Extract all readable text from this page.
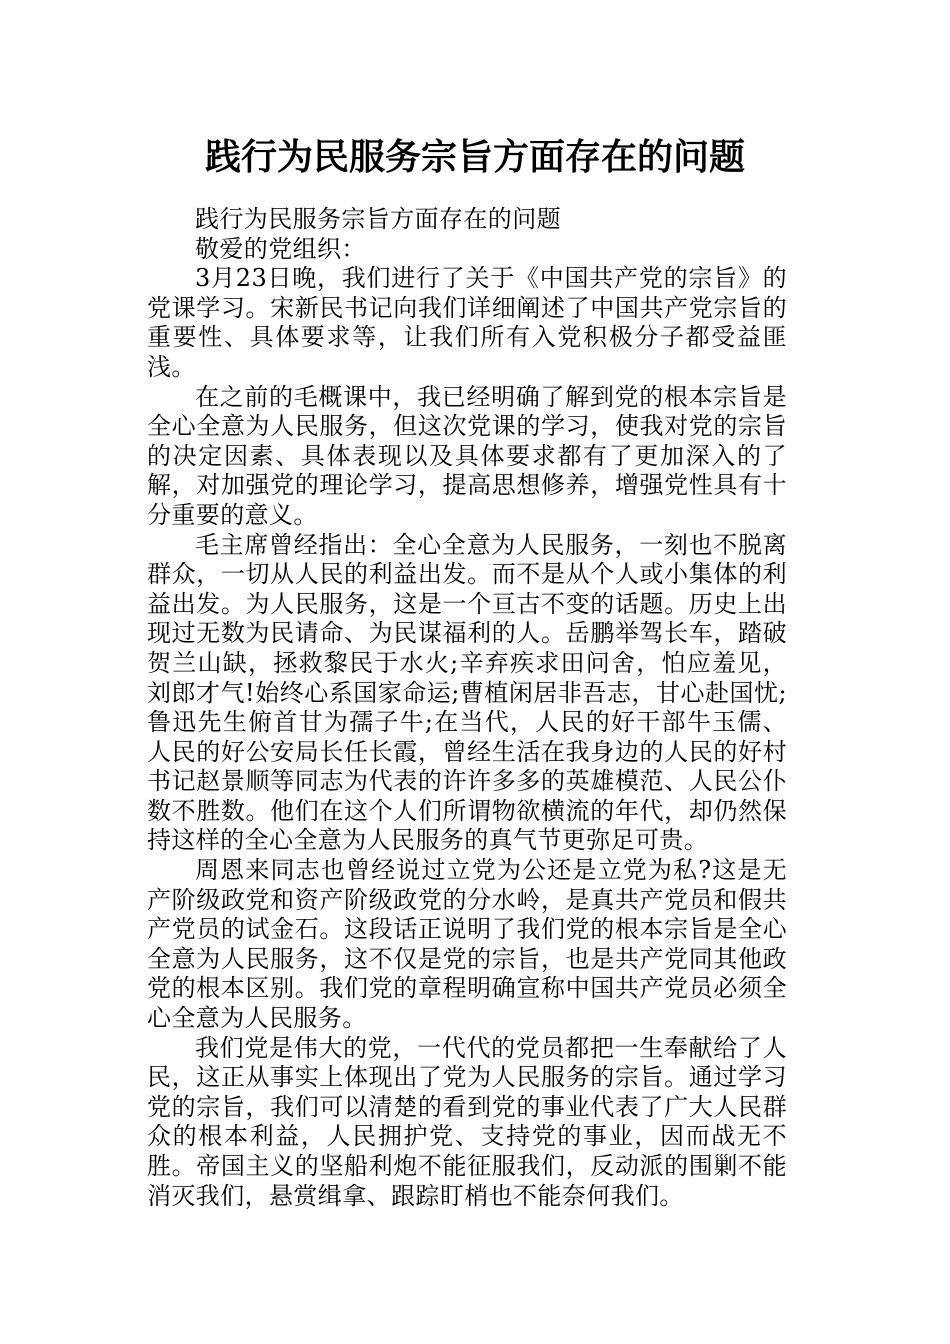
践行为民服务宗旨方面存在的问题

践行为民服务宗旨方面存在的问题

敬爱的党组织：

3月23日晚，我们进行了关于《中国共产党的宗旨》的党课学习。宋新民书记向我们详细阐述了中国共产党宗旨的重要性、具体要求等，让我们所有入党积极分子都受益匪浅。

在之前的毛概课中，我已经明确了解到党的根本宗旨是全心全意为人民服务，但这次党课的学习，使我对党的宗旨的决定因素、具体表现以及具体要求都有了更加深入的了解，对加强党的理论学习，提高思想修养，增强党性具有十分重要的意义。

毛主席曾经指出：全心全意为人民服务，一刻也不脱离群众，一切从人民的利益出发。而不是从个人或小集体的利益出发。为人民服务，这是一个亘古不变的话题。历史上出现过无数为民请命、为民谋福利的人。岳鹏举驾长车，踏破贺兰山缺，拯救黎民于水火;辛弃疾求田问舍，怕应羞见，刘郎才气!始终心系国家命运;曹植闲居非吾志，甘心赴国忧;鲁迅先生俯首甘为孺子牛;在当代，人民的好干部牛玉儒、人民的好公安局长任长霞，曾经生活在我身边的人民的好村书记赵景顺等同志为代表的许许多多的英雄模范、人民公仆数不胜数。他们在这个人们所谓物欲横流的年代，却仍然保持这样的全心全意为人民服务的真气节更弥足可贵。

周恩来同志也曾经说过立党为公还是立党为私?这是无产阶级政党和资产阶级政党的分水岭，是真共产党员和假共产党员的试金石。这段话正说明了我们党的根本宗旨是全心全意为人民服务，这不仅是党的宗旨，也是共产党同其他政党的根本区别。我们党的章程明确宣称中国共产党员必须全心全意为人民服务。

我们党是伟大的党，一代代的党员都把一生奉献给了人民，这正从事实上体现出了党为人民服务的宗旨。通过学习党的宗旨，我们可以清楚的看到党的事业代表了广大人民群众的根本利益，人民拥护党、支持党的事业，因而战无不胜。帝国主义的坚船利炮不能征服我们，反动派的围剿不能消灭我们，悬赏缉拿、跟踪盯梢也不能奈何我们。
